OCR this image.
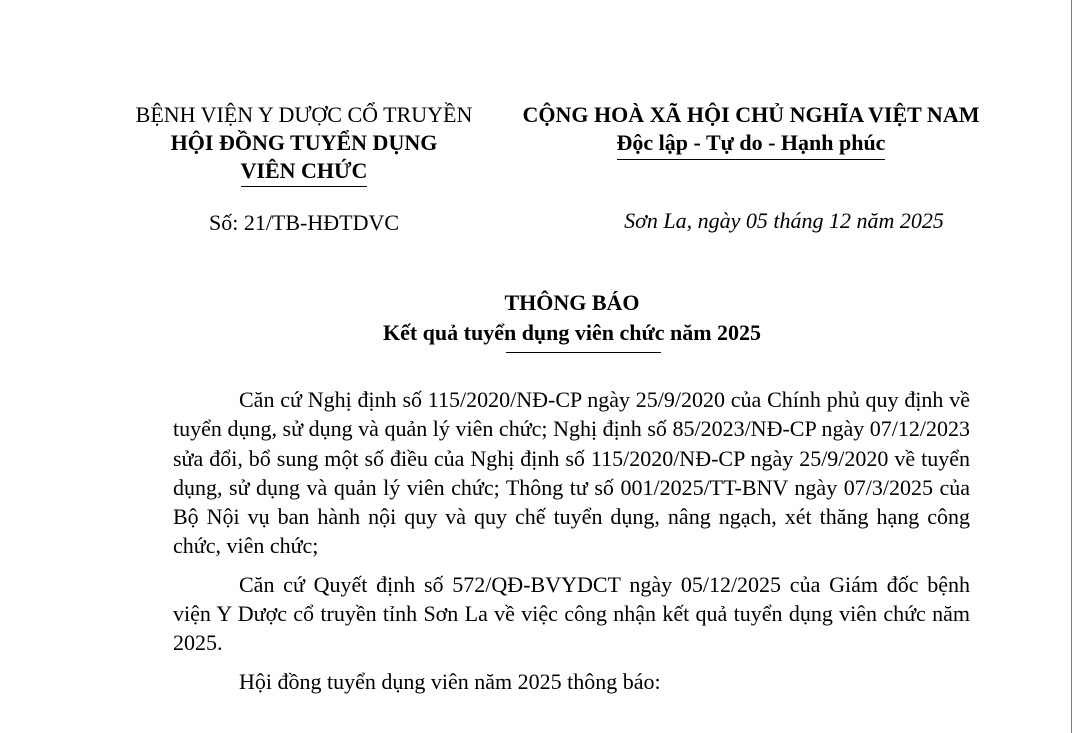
BỆNH VIỆN Y DƯỢC CỔ TRUYỀN
HỘI ĐỒNG TUYỂN DỤNG
VIÊN CHỨC
CỘNG HOÀ XÃ HỘI CHỦ NGHĨA VIỆT NAM
Độc lập - Tự do - Hạnh phúc
Số: 21/TB-HĐTDVC	Sơn La, ngày 05 tháng 12 năm 2025
THÔNG BÁO
Kết quả tuyển dụng viên chức năm 2025

Căn cứ Nghị định số 115/2020/NĐ-CP ngày 25/9/2020 của Chính phủ quy định về tuyển dụng, sử dụng và quản lý viên chức; Nghị định số 85/2023/NĐ-CP ngày 07/12/2023 sửa đổi, bổ sung một số điều của Nghị định số 115/2020/NĐ-CP ngày 25/9/2020 về tuyển dụng, sử dụng và quản lý viên chức; Thông tư số 001/2025/TT-BNV ngày 07/3/2025 của Bộ Nội vụ ban hành nội quy và quy chế tuyển dụng, nâng ngạch, xét thăng hạng công chức, viên chức;

Căn cứ Quyết định số 572/QĐ-BVYDCT ngày 05/12/2025 của Giám đốc bệnh viện Y Dược cổ truyền tỉnh Sơn La về việc công nhận kết quả tuyển dụng viên chức năm 2025.

Hội đồng tuyển dụng viên năm 2025 thông báo:
